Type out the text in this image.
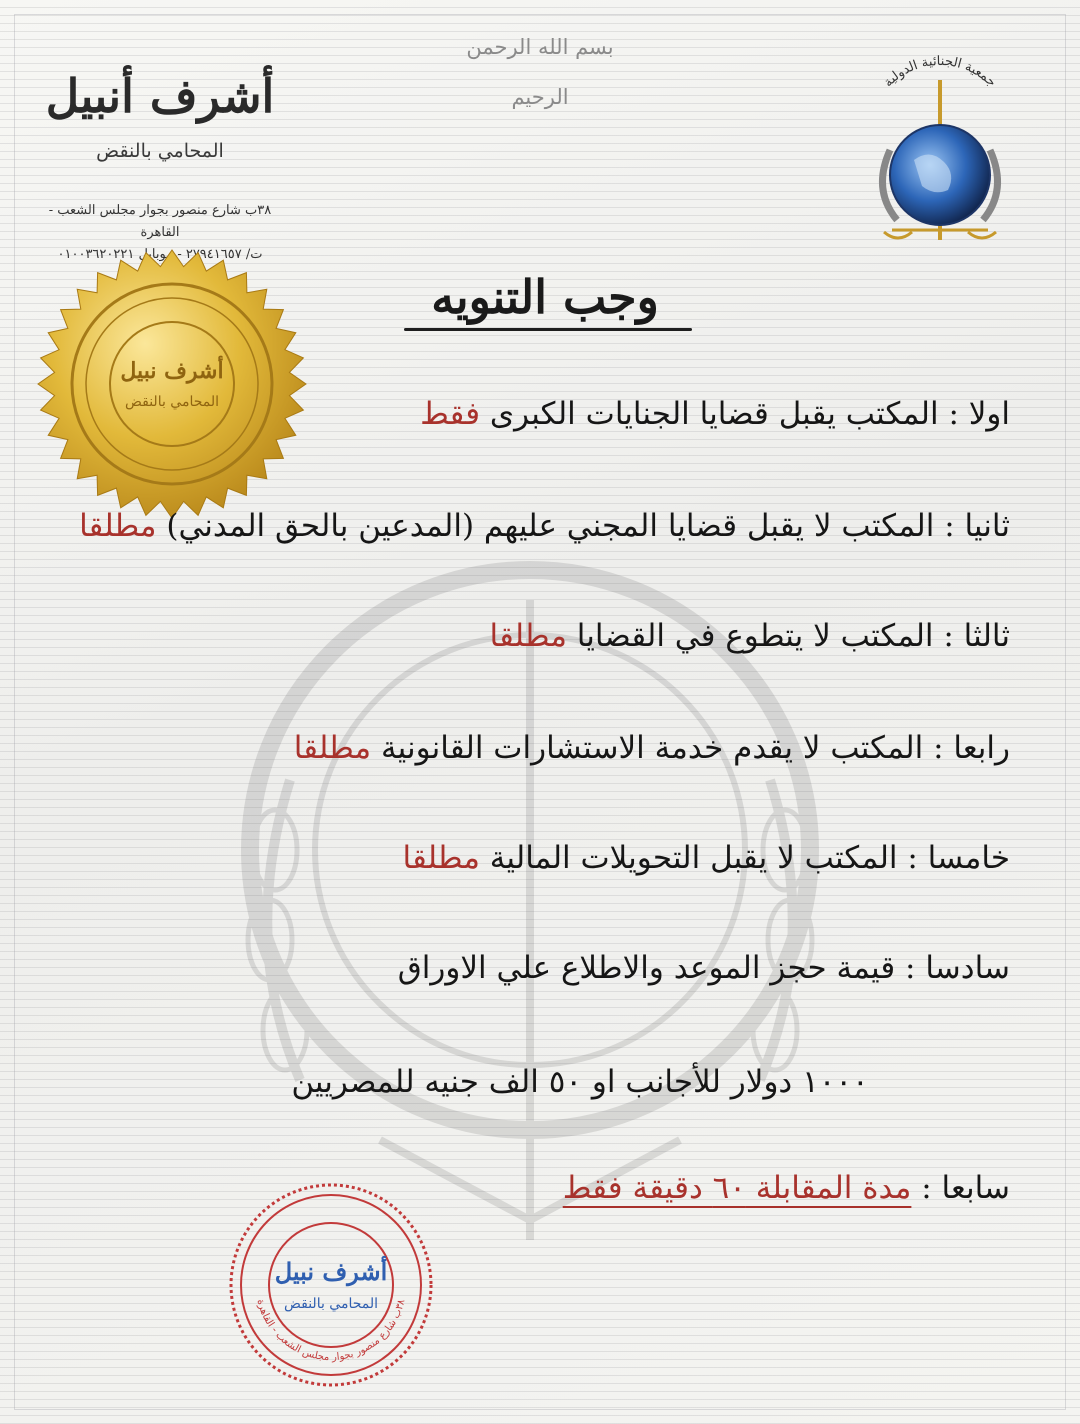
بسم الله الرحمن الرحيم
أشرف أنبيل
المحامي بالنقض
٣٨ب شارع منصور بجوار مجلس الشعب - القاهرة
ت/ ٢٧٩٤١٦٥٧ - موبايل ٠١٠٠٣٦٢٠٢٢١
أشرف نبيل
المحامي بالنقض
جمعية الجنائية الدولية
وجب التنويه
اولا : المكتب يقبل قضايا الجنايات الكبرى فقط
ثانيا : المكتب لا يقبل قضايا المجني عليهم (المدعين بالحق المدني) مطلقا
ثالثا : المكتب لا يتطوع في القضايا مطلقا
رابعا : المكتب لا يقدم خدمة الاستشارات القانونية مطلقا
خامسا : المكتب لا يقبل التحويلات المالية مطلقا
سادسا : قيمة حجز الموعد والاطلاع علي الاوراق
١٠٠٠ دولار للأجانب او ٥٠ الف جنيه للمصريين
سابعا : مدة المقابلة ٦٠ دقيقة فقط
٣٨ب شارع منصور بجوار مجلس الشعب - القاهرة
أشرف نبيل
المحامي بالنقض
